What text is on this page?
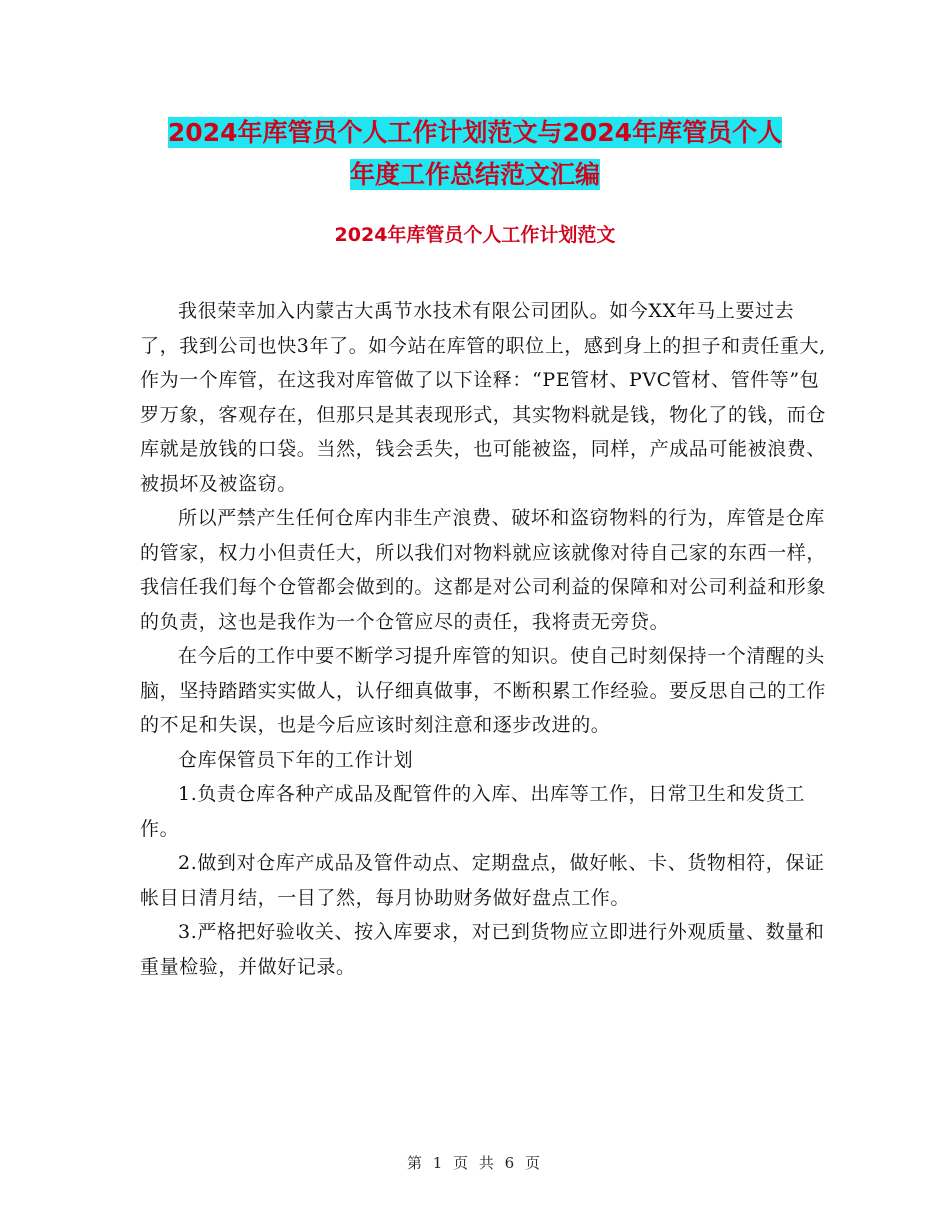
2024年库管员个人工作计划范文与2024年库管员个人
年度工作总结范文汇编
2024年库管员个人工作计划范文

我很荣幸加入内蒙古大禹节水技术有限公司团队。如今XX年马上要过去了，我到公司也快3年了。如今站在库管的职位上，感到身上的担子和责任重大,作为一个库管，在这我对库管做了以下诠释：“PE管材、PVC管材、管件等”包罗万象，客观存在，但那只是其表现形式，其实物料就是钱，物化了的钱，而仓库就是放钱的口袋。当然，钱会丢失，也可能被盗，同样，产成品可能被浪费、被损坏及被盗窃。

所以严禁产生任何仓库内非生产浪费、破坏和盗窃物料的行为，库管是仓库的管家，权力小但责任大，所以我们对物料就应该就像对待自己家的东西一样，我信任我们每个仓管都会做到的。这都是对公司利益的保障和对公司利益和形象的负责，这也是我作为一个仓管应尽的责任，我将责无旁贷。

在今后的工作中要不断学习提升库管的知识。使自己时刻保持一个清醒的头脑，坚持踏踏实实做人，认仔细真做事，不断积累工作经验。要反思自己的工作的不足和失误，也是今后应该时刻注意和逐步改进的。

仓库保管员下年的工作计划

1.负责仓库各种产成品及配管件的入库、出库等工作，日常卫生和发货工作。

2.做到对仓库产成品及管件动点、定期盘点，做好帐、卡、货物相符，保证帐目日清月结，一目了然，每月协助财务做好盘点工作。

3.严格把好验收关、按入库要求，对已到货物应立即进行外观质量、数量和重量检验，并做好记录。

第 1 页 共 6 页
